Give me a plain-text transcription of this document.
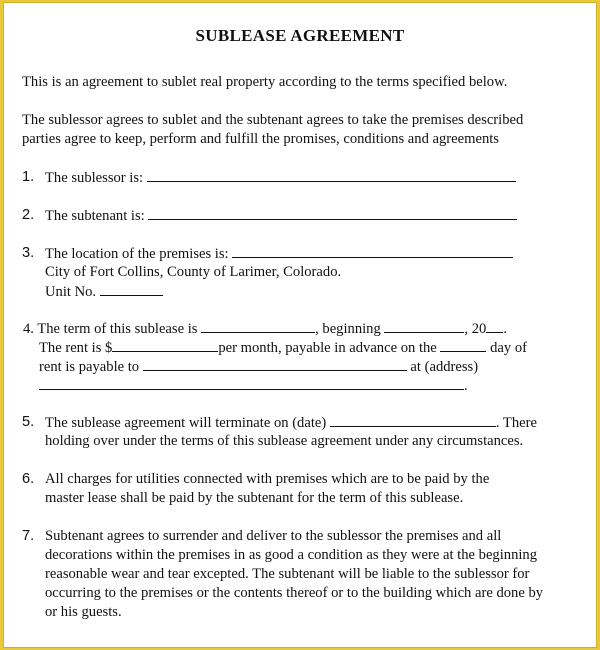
SUBLEASE AGREEMENT
This is an agreement to sublet real property according to the terms specified below.
The sublessor agrees to sublet and the subtenant agrees to take the premises described
parties agree to keep, perform and fulfill the promises, conditions and agreements
1. The sublessor is:
2. The subtenant is:
3. The location of the premises is:
City of Fort Collins, County of Larimer, Colorado.
Unit No.
4. The term of this sublease is	, beginning	, 20 .
The rent is $	per month, payable in advance on the	day of
rent is payable to	at (address)
.
5. The sublease agreement will terminate on (date)	. There
holding over under the terms of this sublease agreement under any circumstances.
6. All charges for utilities connected with premises which are to be paid by the
master lease shall be paid by the subtenant for the term of this sublease.
7. Subtenant agrees to surrender and deliver to the sublessor the premises and all
decorations within the premises in as good a condition as they were at the beginning
reasonable wear and tear excepted. The subtenant will be liable to the sublessor for
occurring to the premises or the contents thereof or to the building which are done by
or his guests.
